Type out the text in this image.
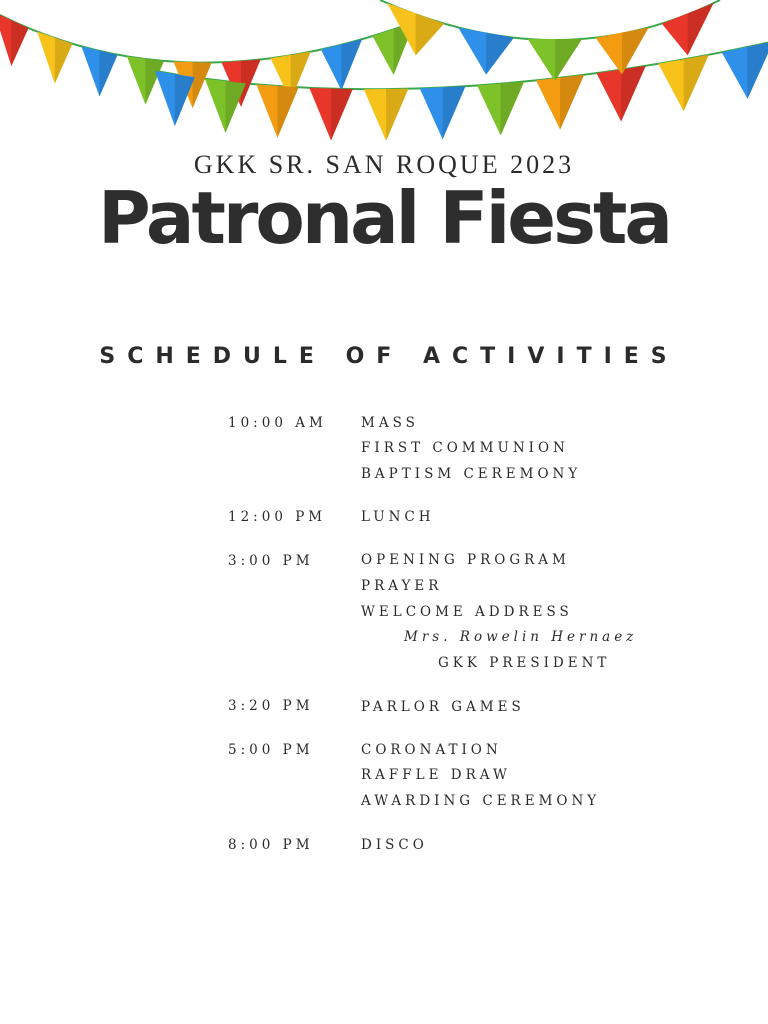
GKK SR. SAN ROQUE 2023
Patronal Fiesta
SCHEDULE OF ACTIVITIES
10:00 AM	MASS
FIRST COMMUNION
BAPTISM CEREMONY
12:00 PM	LUNCH
3:00 PM	OPENING PROGRAM
PRAYER
WELCOME ADDRESS
Mrs. Rowelin Hernaez
GKK PRESIDENT
3:20 PM	PARLOR GAMES
5:00 PM	CORONATION
RAFFLE DRAW
AWARDING CEREMONY
8:00 PM	DISCO
